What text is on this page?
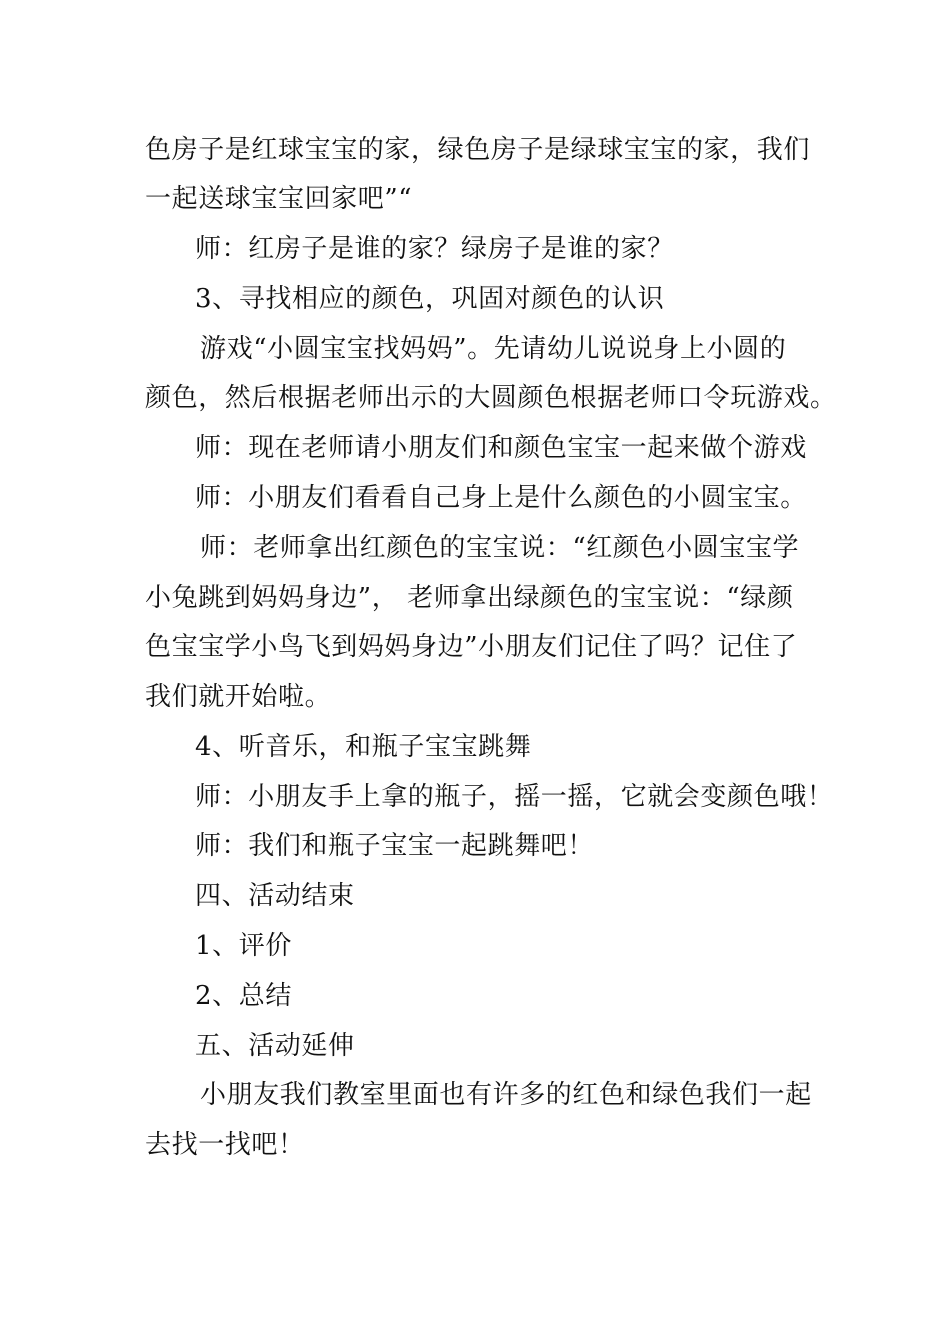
色房子是红球宝宝的家，绿色房子是绿球宝宝的家，我们
一起送球宝宝回家吧”“
师：红房子是谁的家？绿房子是谁的家？
3、寻找相应的颜色，巩固对颜色的认识
游戏“小圆宝宝找妈妈”。先请幼儿说说身上小圆的
颜色，然后根据老师出示的大圆颜色根据老师口令玩游戏。
师：现在老师请小朋友们和颜色宝宝一起来做个游戏
师：小朋友们看看自己身上是什么颜色的小圆宝宝。
师：老师拿出红颜色的宝宝说：“红颜色小圆宝宝学
小兔跳到妈妈身边”， 老师拿出绿颜色的宝宝说：“绿颜
色宝宝学小鸟飞到妈妈身边”小朋友们记住了吗？记住了
我们就开始啦。
4、听音乐，和瓶子宝宝跳舞
师：小朋友手上拿的瓶子，摇一摇，它就会变颜色哦！
师：我们和瓶子宝宝一起跳舞吧！
四、活动结束
1、评价
2、总结
五、活动延伸
小朋友我们教室里面也有许多的红色和绿色我们一起
去找一找吧！
